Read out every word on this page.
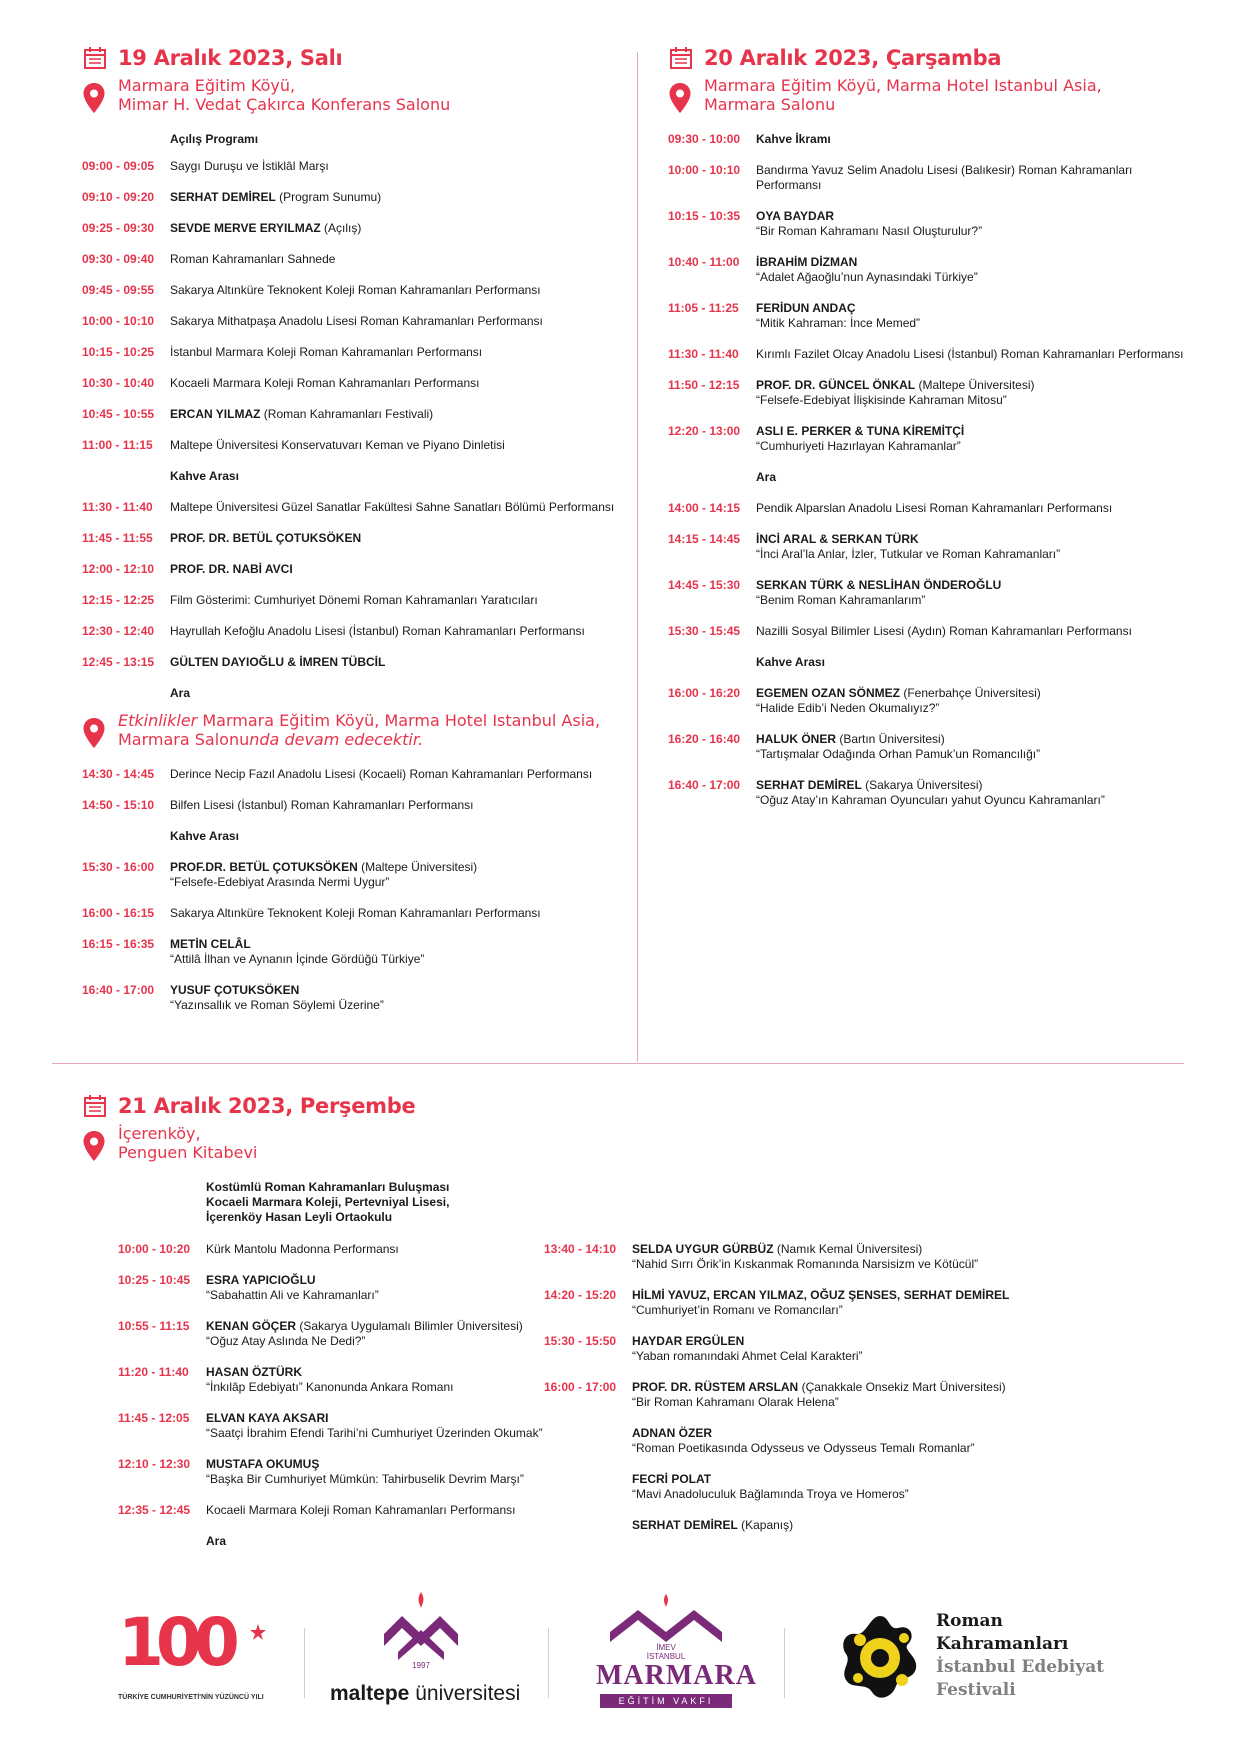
19 Aralık 2023, Salı
Marmara Eğitim Köyü,
Mimar H. Vedat Çakırca Konferans Salonu
Açılış Programı
09:00 - 09:05	Saygı Duruşu ve İstiklâl Marşı
09:10 - 09:20	SERHAT DEMİREL (Program Sunumu)
09:25 - 09:30	SEVDE MERVE ERYILMAZ (Açılış)
09:30 - 09:40	Roman Kahramanları Sahnede
09:45 - 09:55	Sakarya Altınküre Teknokent Koleji Roman Kahramanları Performansı
10:00 - 10:10	Sakarya Mithatpaşa Anadolu Lisesi Roman Kahramanları Performansı
10:15 - 10:25	İstanbul Marmara Koleji Roman Kahramanları Performansı
10:30 - 10:40	Kocaeli Marmara Koleji Roman Kahramanları Performansı
10:45 - 10:55	ERCAN YILMAZ (Roman Kahramanları Festivali)
11:00 - 11:15	Maltepe Üniversitesi Konservatuvarı Keman ve Piyano Dinletisi
Kahve Arası
11:30 - 11:40	Maltepe Üniversitesi Güzel Sanatlar Fakültesi Sahne Sanatları Bölümü Performansı
11:45 - 11:55	PROF. DR. BETÜL ÇOTUKSÖKEN
12:00 - 12:10	PROF. DR. NABİ AVCI
12:15 - 12:25	Film Gösterimi: Cumhuriyet Dönemi Roman Kahramanları Yaratıcıları
12:30 - 12:40	Hayrullah Kefoğlu Anadolu Lisesi (İstanbul) Roman Kahramanları Performansı
12:45 - 13:15	GÜLTEN DAYIOĞLU & İMREN TÜBCİL
Ara
Etkinlikler Marmara Eğitim Köyü, Marma Hotel Istanbul Asia,
Marmara Salonunda devam edecektir.
14:30 - 14:45	Derince Necip Fazıl Anadolu Lisesi (Kocaeli) Roman Kahramanları Performansı
14:50 - 15:10	Bilfen Lisesi (İstanbul) Roman Kahramanları Performansı
Kahve Arası
15:30 - 16:00	PROF.DR. BETÜL ÇOTUKSÖKEN (Maltepe Üniversitesi)
“Felsefe-Edebiyat Arasında Nermi Uygur”
16:00 - 16:15	Sakarya Altınküre Teknokent Koleji Roman Kahramanları Performansı
16:15 - 16:35	METİN CELÂL
“Attilâ İlhan ve Aynanın İçinde Gördüğü Türkiye”
16:40 - 17:00	YUSUF ÇOTUKSÖKEN
“Yazınsallık ve Roman Söylemi Üzerine”
20 Aralık 2023, Çarşamba
Marmara Eğitim Köyü, Marma Hotel Istanbul Asia,
Marmara Salonu
09:30 - 10:00	Kahve İkramı
10:00 - 10:10	Bandırma Yavuz Selim Anadolu Lisesi (Balıkesir) Roman Kahramanları Performansı
10:15 - 10:35	OYA BAYDAR
“Bir Roman Kahramanı Nasıl Oluşturulur?”
10:40 - 11:00	İBRAHİM DİZMAN
“Adalet Ağaoğlu’nun Aynasındaki Türkiye”
11:05 - 11:25	FERİDUN ANDAÇ
“Mitik Kahraman: İnce Memed”
11:30 - 11:40	Kırımlı Fazilet Olcay Anadolu Lisesi (İstanbul) Roman Kahramanları Performansı
11:50 - 12:15	PROF. DR. GÜNCEL ÖNKAL (Maltepe Üniversitesi)
“Felsefe-Edebiyat İlişkisinde Kahraman Mitosu”
12:20 - 13:00	ASLI E. PERKER & TUNA KİREMİTÇİ
“Cumhuriyeti Hazırlayan Kahramanlar”
Ara
14:00 - 14:15	Pendik Alparslan Anadolu Lisesi Roman Kahramanları Performansı
14:15 - 14:45	İNCİ ARAL & SERKAN TÜRK
“İnci Aral’la Anlar, İzler, Tutkular ve Roman Kahramanları”
14:45 - 15:30	SERKAN TÜRK & NESLİHAN ÖNDEROĞLU
“Benim Roman Kahramanlarım”
15:30 - 15:45	Nazilli Sosyal Bilimler Lisesi (Aydın) Roman Kahramanları Performansı
Kahve Arası
16:00 - 16:20	EGEMEN OZAN SÖNMEZ (Fenerbahçe Üniversitesi)
“Halide Edib’i Neden Okumalıyız?”
16:20 - 16:40	HALUK ÖNER (Bartın Üniversitesi)
“Tartışmalar Odağında Orhan Pamuk’un Romancılığı”
16:40 - 17:00	SERHAT DEMİREL (Sakarya Üniversitesi)
“Oğuz Atay’ın Kahraman Oyuncuları yahut Oyuncu Kahramanları”
21 Aralık 2023, Perşembe
İçerenköy,
Penguen Kitabevi
Kostümlü Roman Kahramanları Buluşması
Kocaeli Marmara Koleji, Pertevniyal Lisesi,
İçerenköy Hasan Leyli Ortaokulu
10:00 - 10:20	Kürk Mantolu Madonna Performansı
10:25 - 10:45	ESRA YAPICIOĞLU
“Sabahattin Ali ve Kahramanları”
10:55 - 11:15	KENAN GÖÇER (Sakarya Uygulamalı Bilimler Üniversitesi)
“Oğuz Atay Aslında Ne Dedi?”
11:20 - 11:40	HASAN ÖZTÜRK
“İnkılâp Edebiyatı” Kanonunda Ankara Romanı
11:45 - 12:05	ELVAN KAYA AKSARI
“Saatçi İbrahim Efendi Tarihi’ni Cumhuriyet Üzerinden Okumak”
12:10 - 12:30	MUSTAFA OKUMUŞ
“Başka Bir Cumhuriyet Mümkün: Tahirbuselik Devrim Marşı”
12:35 - 12:45	Kocaeli Marmara Koleji Roman Kahramanları Performansı
Ara
13:40 - 14:10	SELDA UYGUR GÜRBÜZ (Namık Kemal Üniversitesi)
“Nahid Sırrı Örik’in Kıskanmak Romanında Narsisizm ve Kötücül”
14:20 - 15:20	HİLMİ YAVUZ, ERCAN YILMAZ, OĞUZ ŞENSES, SERHAT DEMİREL
“Cumhuriyet’in Romanı ve Romancıları”
15:30 - 15:50	HAYDAR ERGÜLEN
“Yaban romanındaki Ahmet Celal Karakteri”
16:00 - 17:00	PROF. DR. RÜSTEM ARSLAN (Çanakkale Onsekiz Mart Üniversitesi)
“Bir Roman Kahramanı Olarak Helena”
ADNAN ÖZER
“Roman Poetikasında Odysseus ve Odysseus Temalı Romanlar”
FECRİ POLAT
“Mavi Anadoluculuk Bağlamında Troya ve Homeros”
SERHAT DEMİREL (Kapanış)
100
TÜRKİYE CUMHURİYETİ'NİN YÜZÜNCÜ YILI
1997
maltepe üniversitesi
İMEV
İSTANBUL
MARMARA
EĞİTİM VAKFI
Roman
Kahramanları
İstanbul Edebiyat
Festivali
